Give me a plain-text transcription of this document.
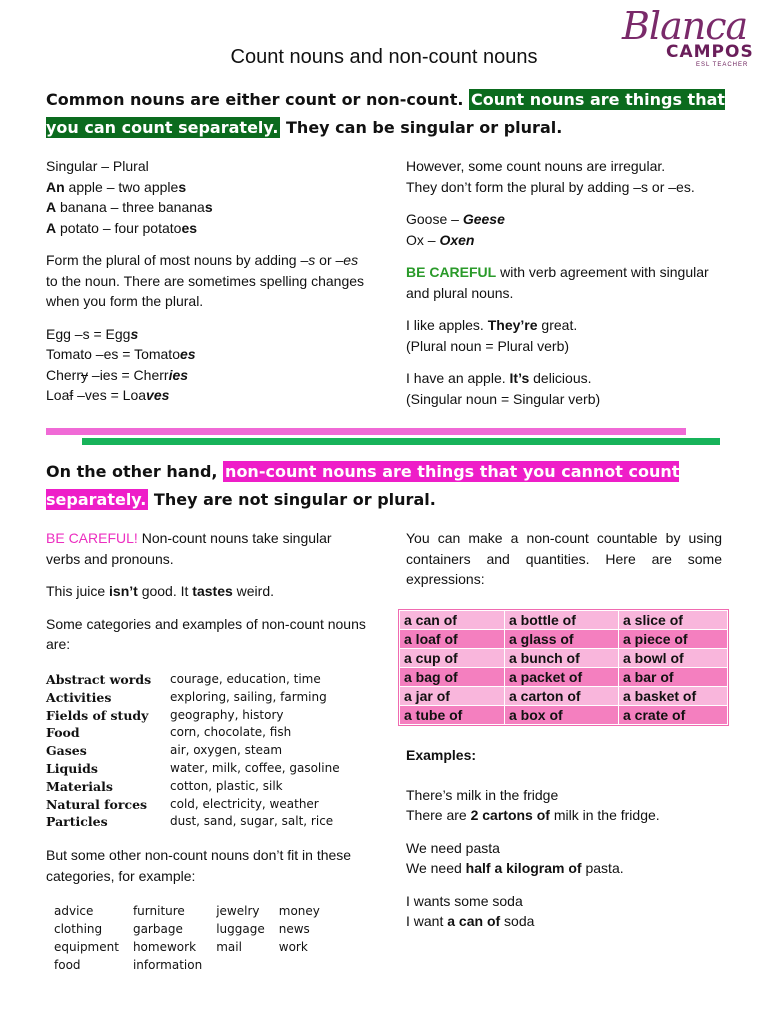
Blanca
CAMPOS
ESL TEACHER
Count nouns and non-count nouns
Common nouns are either count or non-count. Count nouns are things that you can count separately. They can be singular or plural.

Singular – Plural

An apple – two apples

A banana – three bananas

A potato – four potatoes

Form the plural of most nouns by adding –s or –es to the noun. There are sometimes spelling changes when you form the plural.

Egg –s = Eggs

Tomato –es = Tomatoes

Cherry –ies = Cherries

Loaf –ves = Loaves

However, some count nouns are irregular.

They don’t form the plural by adding –s or –es.

Goose – Geese

Ox – Oxen

BE CAREFUL with verb agreement with singular and plural nouns.

I like apples. They’re great.

(Plural noun = Plural verb)

I have an apple. It’s delicious.

(Singular noun = Singular verb)

On the other hand, non-count nouns are things that you cannot count separately. They are not singular or plural.

BE CAREFUL! Non-count nouns take singular verbs and pronouns.

This juice isn’t good. It tastes weird.

Some categories and examples of non-count nouns are:

Abstract words	courage, education, time
Activities	exploring, sailing, farming
Fields of study	geography, history
Food	corn, chocolate, fish
Gases	air, oxygen, steam
Liquids	water, milk, coffee, gasoline
Materials	cotton, plastic, silk
Natural forces	cold, electricity, weather
Particles	dust, sand, sugar, salt, rice

But some other non-count nouns don’t fit in these categories, for example:

advice	furniture	jewelry	money
clothing	garbage	luggage	news
equipment	homework	mail	work
food	information		

You can make a non-count countable by using containers and quantities. Here are some expressions:

a can of	a bottle of	a slice of
a loaf of	a glass of	a piece of
a cup of	a bunch of	a bowl of
a bag of	a packet of	a bar of
a jar of	a carton of	a basket of
a tube of	a box of	a crate of

Examples:

There’s milk in the fridge

There are 2 cartons of milk in the fridge.

We need pasta

We need half a kilogram of pasta.

I wants some soda

I want a can of soda
